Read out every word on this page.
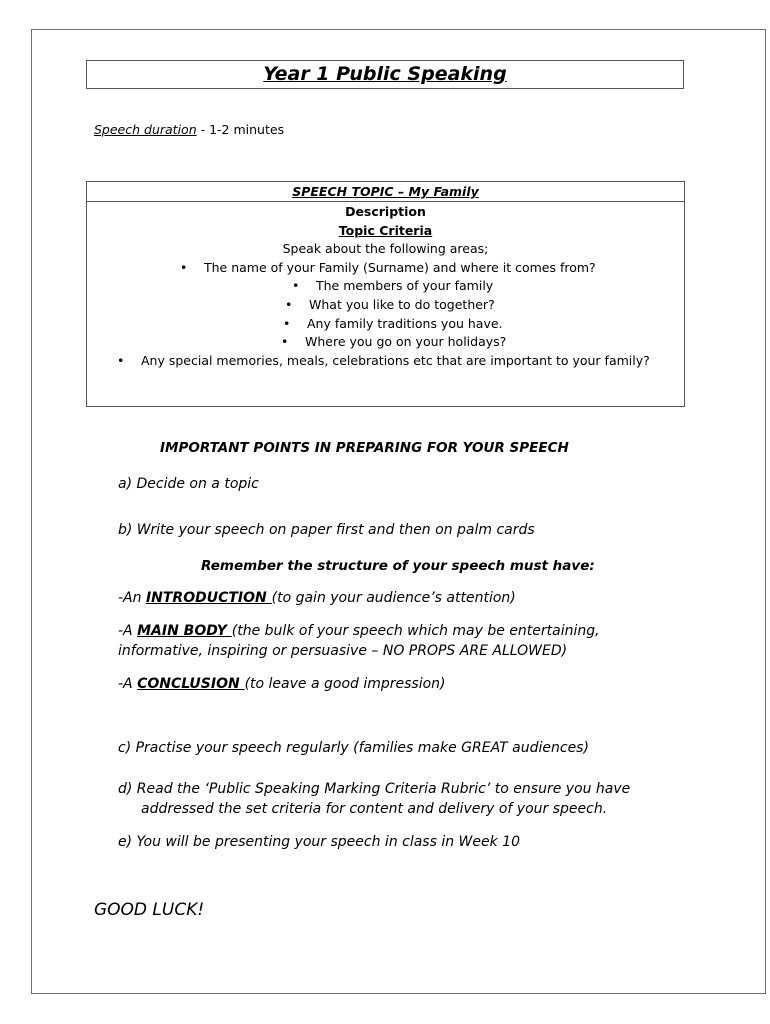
Year 1 Public Speaking
Speech duration - 1-2 minutes
SPEECH TOPIC – My Family
Description
Topic Criteria
Speak about the following areas;
• The name of your Family (Surname) and where it comes from?
• The members of your family
• What you like to do together?
• Any family traditions you have.
• Where you go on your holidays?
• Any special memories, meals, celebrations etc that are important to your family?
IMPORTANT POINTS IN PREPARING FOR YOUR SPEECH
a) Decide on a topic
b) Write your speech on paper first and then on palm cards
Remember the structure of your speech must have:
-An INTRODUCTION (to gain your audience’s attention)
-A MAIN BODY (the bulk of your speech which may be entertaining,
informative, inspiring or persuasive – NO PROPS ARE ALLOWED)
-A CONCLUSION (to leave a good impression)
c) Practise your speech regularly (families make GREAT audiences)
d) Read the ‘Public Speaking Marking Criteria Rubric’ to ensure you have
addressed the set criteria for content and delivery of your speech.
e) You will be presenting your speech in class in Week 10
GOOD LUCK!
